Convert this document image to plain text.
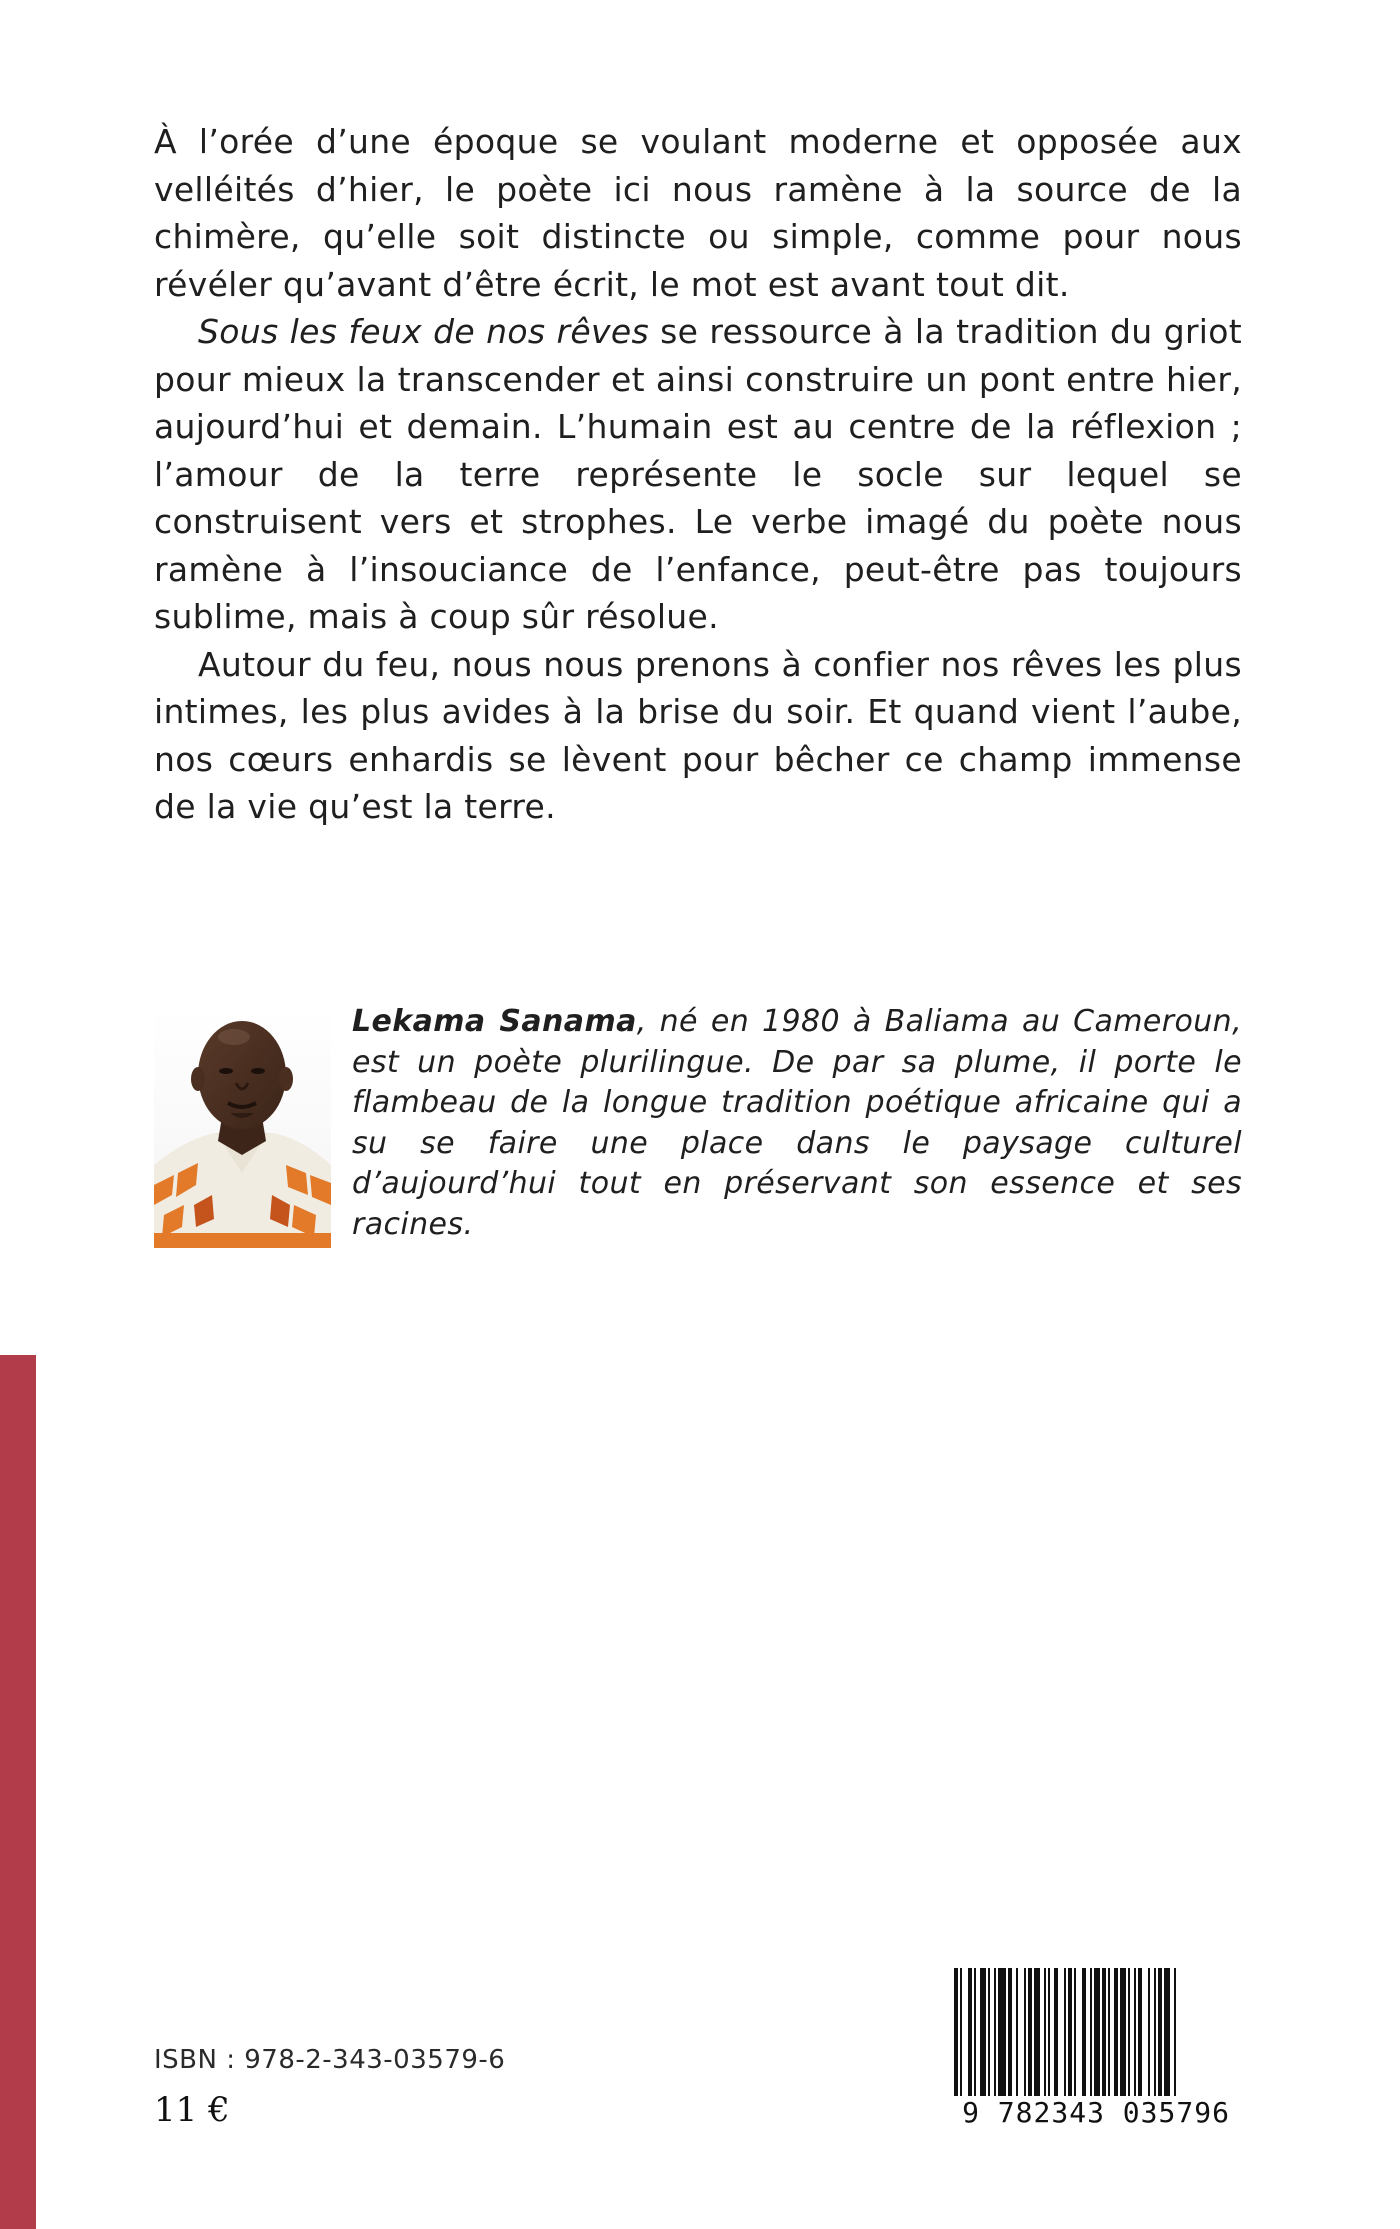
À l’orée d’une époque se voulant moderne et opposée aux velléités d’hier, le poète ici nous ramène à la source de la chimère, qu’elle soit distincte ou simple, comme pour nous révéler qu’avant d’être écrit, le mot est avant tout dit.

Sous les feux de nos rêves se ressource à la tradition du griot pour mieux la transcender et ainsi construire un pont entre hier, aujourd’hui et demain. L’humain est au centre de la réflexion ; l’amour de la terre représente le socle sur lequel se construisent vers et strophes. Le verbe imagé du poète nous ramène à l’insouciance de l’enfance, peut-être pas toujours sublime, mais à coup sûr résolue.

Autour du feu, nous nous prenons à confier nos rêves les plus intimes, les plus avides à la brise du soir. Et quand vient l’aube, nos cœurs enhardis se lèvent pour bêcher ce champ immense de la vie qu’est la terre.

Lekama Sanama, né en 1980 à Baliama au Cameroun, est un poète plurilingue. De par sa plume, il porte le flambeau de la longue tradition poétique africaine qui a su se faire une place dans le paysage culturel d’aujourd’hui tout en préservant son essence et ses racines.

ISBN : 978-2-343-03579-6
11 €	9 782343 035796
